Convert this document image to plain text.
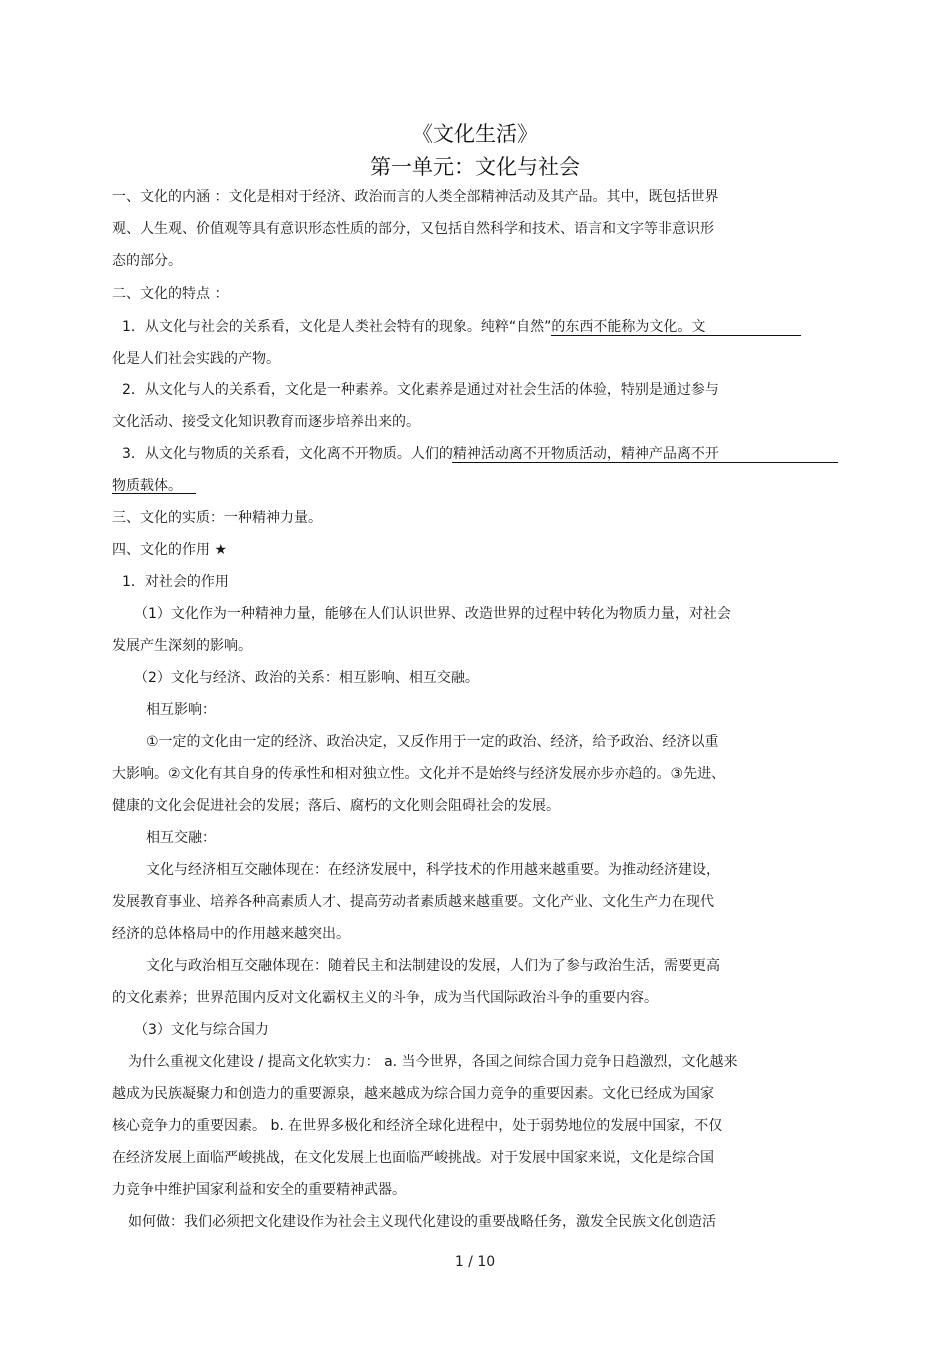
《文化生活》
第一单元：文化与社会
一、文化的内涵 ：文化是相对于经济、政治而言的人类全部精神活动及其产品。其中，既包括世界
观、人生观、价值观等具有意识形态性质的部分，又包括自然科学和技术、语言和文字等非意识形
态的部分。
二、文化的特点 ：
1．从文化与社会的关系看，文化是人类社会特有的现象。纯粹“自然”的东西不能称为文化。文
化是人们社会实践的产物。
2．从文化与人的关系看，文化是一种素养。文化素养是通过对社会生活的体验，特别是通过参与
文化活动、接受文化知识教育而逐步培养出来的。
3．从文化与物质的关系看，文化离不开物质。人们的精神活动离不开物质活动，精神产品离不开
物质载体。
三、文化的实质：一种精神力量。
四、文化的作用 ★
1．对社会的作用
（1）文化作为一种精神力量，能够在人们认识世界、改造世界的过程中转化为物质力量，对社会
发展产生深刻的影响。
（2）文化与经济、政治的关系：相互影响、相互交融。
相互影响：
①一定的文化由一定的经济、政治决定，又反作用于一定的政治、经济，给予政治、经济以重
大影响。②文化有其自身的传承性和相对独立性。文化并不是始终与经济发展亦步亦趋的。③先进、
健康的文化会促进社会的发展；落后、腐朽的文化则会阻碍社会的发展。
相互交融：
文化与经济相互交融体现在：在经济发展中，科学技术的作用越来越重要。为推动经济建设，
发展教育事业、培养各种高素质人才、提高劳动者素质越来越重要。文化产业、文化生产力在现代
经济的总体格局中的作用越来越突出。
文化与政治相互交融体现在：随着民主和法制建设的发展，人们为了参与政治生活，需要更高
的文化素养；世界范围内反对文化霸权主义的斗争，成为当代国际政治斗争的重要内容。
（3）文化与综合国力
为什么重视文化建设 / 提高文化软实力： a. 当今世界，各国之间综合国力竞争日趋激烈，文化越来
越成为民族凝聚力和创造力的重要源泉，越来越成为综合国力竞争的重要因素。文化已经成为国家
核心竞争力的重要因素。 b. 在世界多极化和经济全球化进程中，处于弱势地位的发展中国家，不仅
在经济发展上面临严峻挑战，在文化发展上也面临严峻挑战。对于发展中国家来说，文化是综合国
力竞争中维护国家利益和安全的重要精神武器。
如何做：我们必须把文化建设作为社会主义现代化建设的重要战略任务，激发全民族文化创造活
1 / 10
